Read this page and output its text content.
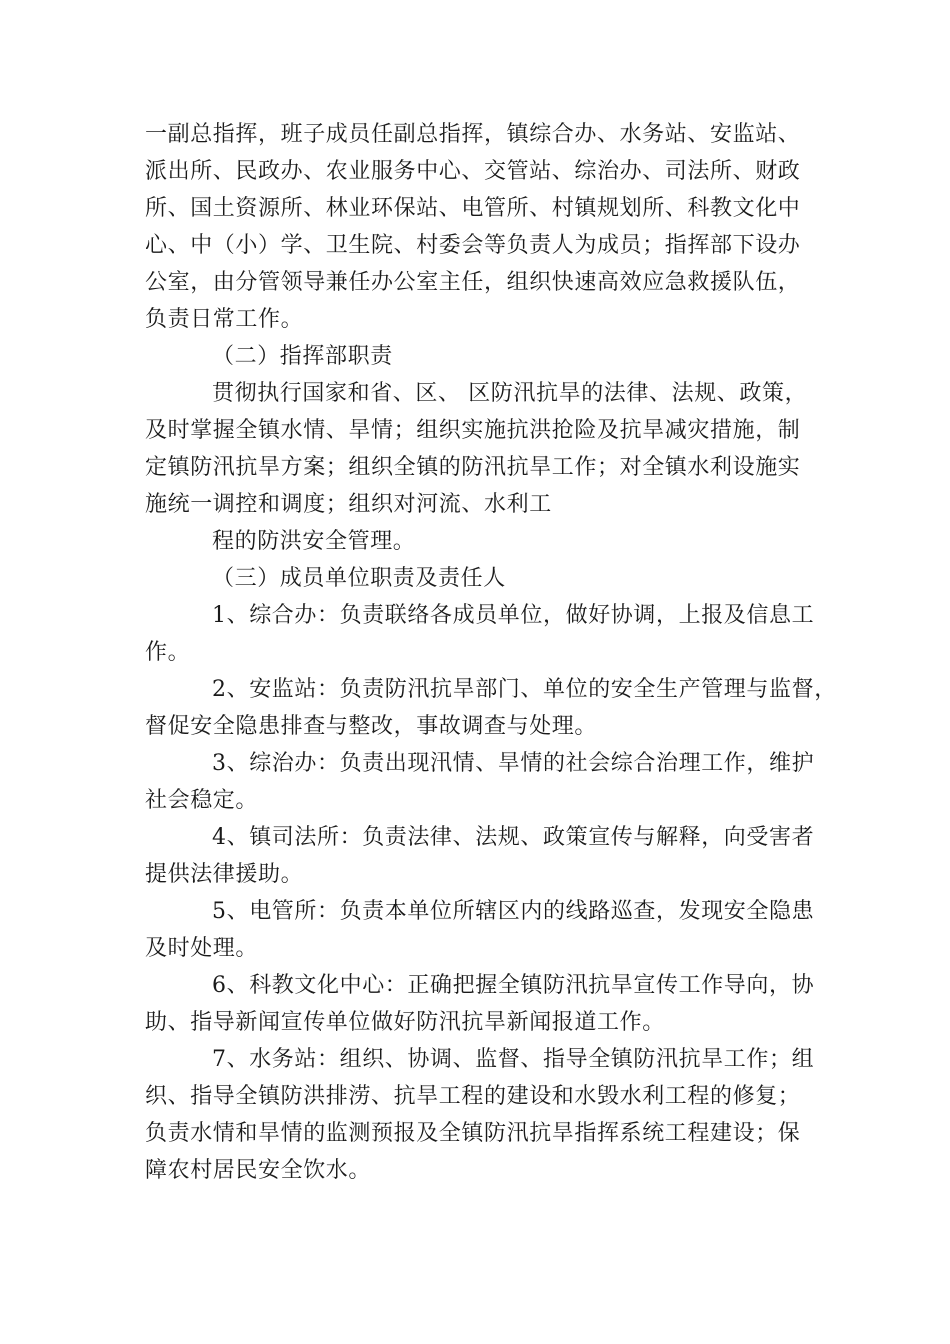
一副总指挥，班子成员任副总指挥，镇综合办、水务站、安监站、
派出所、民政办、农业服务中心、交管站、综治办、司法所、财政
所、国土资源所、林业环保站、电管所、村镇规划所、科教文化中
心、中（小）学、卫生院、村委会等负责人为成员；指挥部下设办
公室，由分管领导兼任办公室主任，组织快速高效应急救援队伍，
负责日常工作。
（二）指挥部职责
贯彻执行国家和省、区、 区防汛抗旱的法律、法规、政策，
及时掌握全镇水情、旱情；组织实施抗洪抢险及抗旱减灾措施，制
定镇防汛抗旱方案；组织全镇的防汛抗旱工作；对全镇水利设施实
施统一调控和调度；组织对河流、水利工
程的防洪安全管理。
（三）成员单位职责及责任人
1、综合办：负责联络各成员单位，做好协调，上报及信息工
作。
2、安监站：负责防汛抗旱部门、单位的安全生产管理与监督，
督促安全隐患排查与整改，事故调查与处理。
3、综治办：负责出现汛情、旱情的社会综合治理工作，维护
社会稳定。
4、镇司法所：负责法律、法规、政策宣传与解释，向受害者
提供法律援助。
5、电管所：负责本单位所辖区内的线路巡查，发现安全隐患
及时处理。
6、科教文化中心：正确把握全镇防汛抗旱宣传工作导向，协
助、指导新闻宣传单位做好防汛抗旱新闻报道工作。
7、水务站：组织、协调、监督、指导全镇防汛抗旱工作；组
织、指导全镇防洪排涝、抗旱工程的建设和水毁水利工程的修复；
负责水情和旱情的监测预报及全镇防汛抗旱指挥系统工程建设；保
障农村居民安全饮水。
